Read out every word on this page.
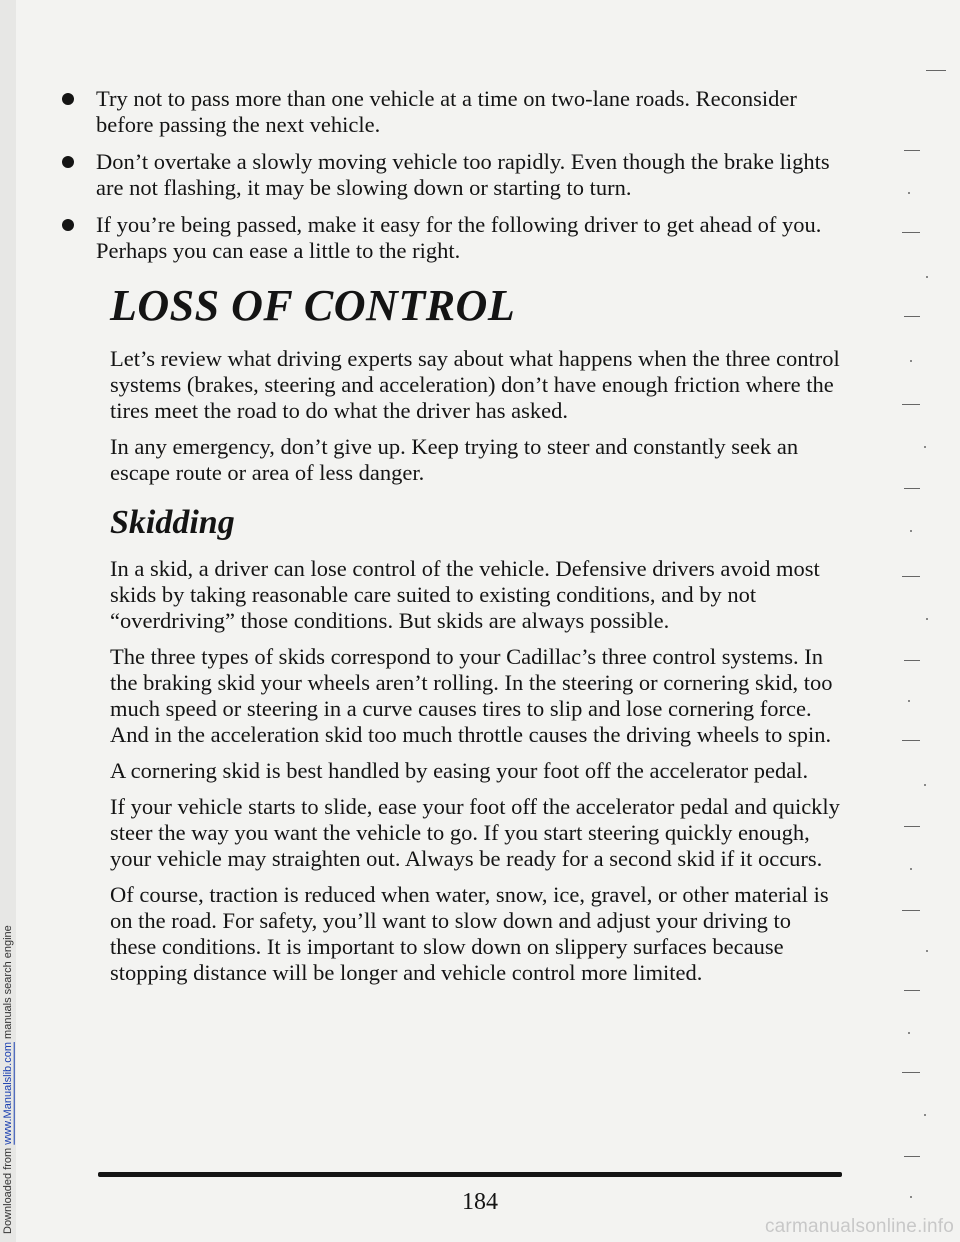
Downloaded from www.Manualslib.com manuals search engine
Try not to pass more than one vehicle at a time on two-lane roads. Reconsider before passing the next vehicle.
Don’t overtake a slowly moving vehicle too rapidly. Even though the brake lights are not flashing, it may be slowing down or starting to turn.
If you’re being passed, make it easy for the following driver to get ahead of you. Perhaps you can ease a little to the right.
LOSS OF CONTROL

Let’s review what driving experts say about what happens when the three control systems (brakes, steering and acceleration) don’t have enough friction where the tires meet the road to do what the driver has asked.

In any emergency, don’t give up. Keep trying to steer and constantly seek an escape route or area of less danger.

Skidding

In a skid, a driver can lose control of the vehicle. Defensive drivers avoid most skids by taking reasonable care suited to existing conditions, and by not “overdriving” those conditions. But skids are always possible.

The three types of skids correspond to your Cadillac’s three control systems. In the braking skid your wheels aren’t rolling. In the steering or cornering skid, too much speed or steering in a curve causes tires to slip and lose cornering force. And in the acceleration skid too much throttle causes the driving wheels to spin.

A cornering skid is best handled by easing your foot off the accelerator pedal.

If your vehicle starts to slide, ease your foot off the accelerator pedal and quickly steer the way you want the vehicle to go. If you start steering quickly enough, your vehicle may straighten out. Always be ready for a second skid if it occurs.

Of course, traction is reduced when water, snow, ice, gravel, or other material is on the road. For safety, you’ll want to slow down and adjust your driving to these conditions. It is important to slow down on slippery surfaces because stopping distance will be longer and vehicle control more limited.

184
carmanualsonline.info
